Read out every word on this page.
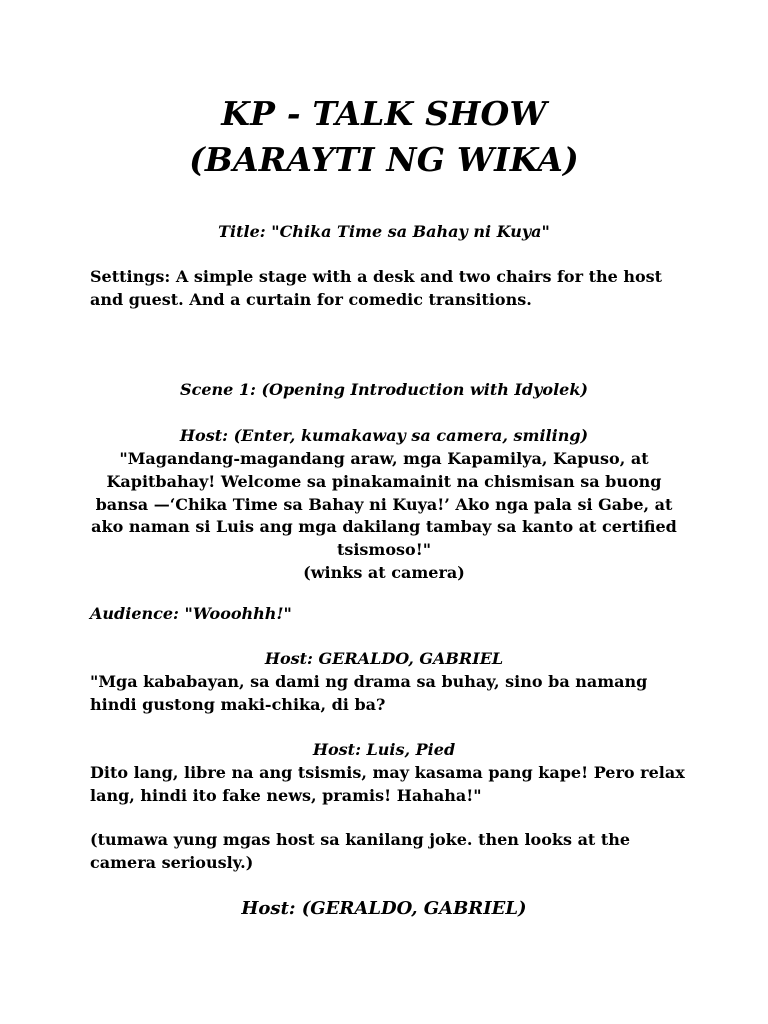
KP - TALK SHOW
(BARAYTI NG WIKA)
Title: "Chika Time sa Bahay ni Kuya"
Settings: A simple stage with a desk and two chairs for the host
and guest. And a curtain for comedic transitions.
Scene 1: (Opening Introduction with Idyolek)
Host: (Enter, kumakaway sa camera, smiling)
"Magandang-magandang araw, mga Kapamilya, Kapuso, at
Kapitbahay! Welcome sa pinakamainit na chismisan sa buong
bansa —‘Chika Time sa Bahay ni Kuya!’ Ako nga pala si Gabe, at
ako naman si Luis ang mga dakilang tambay sa kanto at certified
tsismoso!"
(winks at camera)
Audience: "Wooohhh!"
Host: GERALDO, GABRIEL
"Mga kababayan, sa dami ng drama sa buhay, sino ba namang
hindi gustong maki-chika, di ba?
Host: Luis, Pied
Dito lang, libre na ang tsismis, may kasama pang kape! Pero relax
lang, hindi ito fake news, pramis! Hahaha!"
(tumawa yung mgas host sa kanilang joke. then looks at the
camera seriously.)
Host: (GERALDO, GABRIEL)
